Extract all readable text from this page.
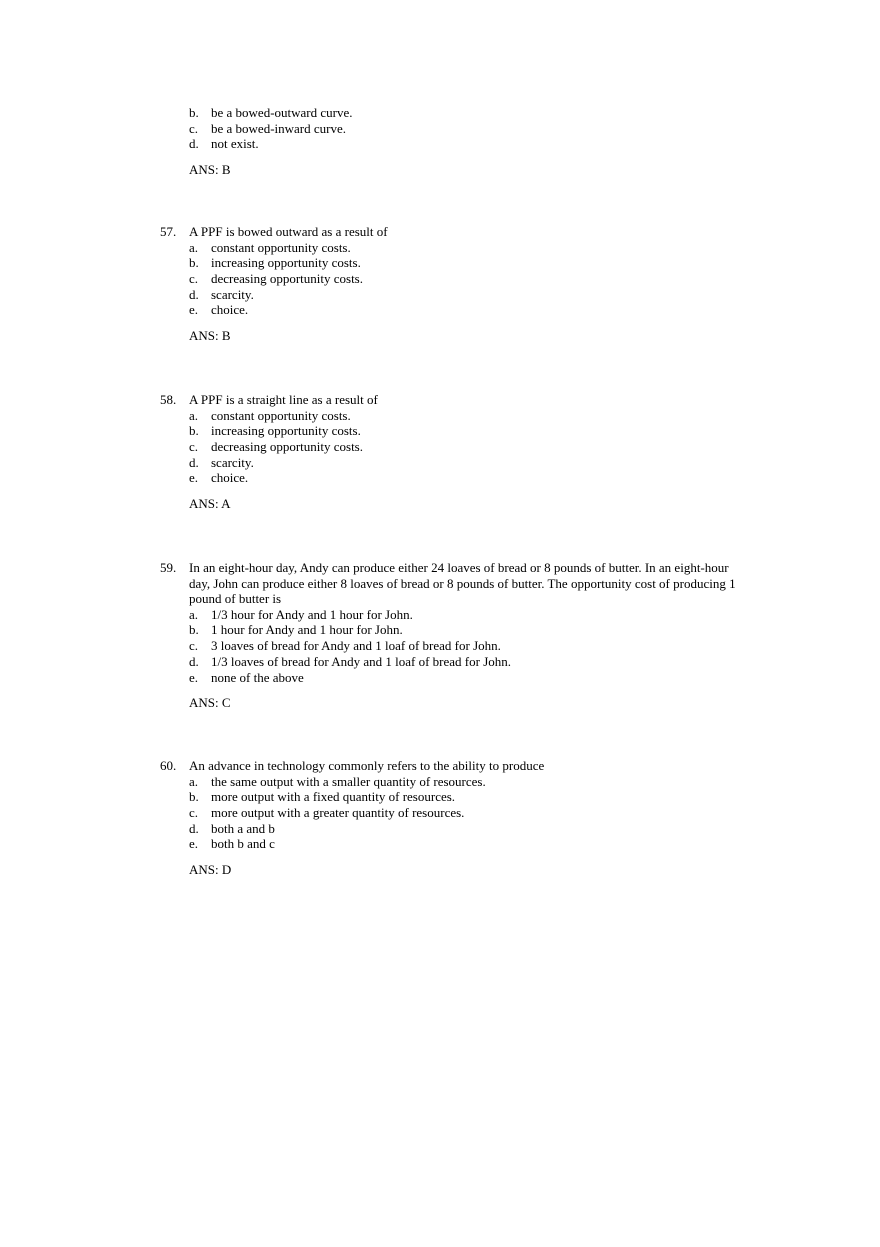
b. be a bowed-outward curve.
c. be a bowed-inward curve.
d. not exist.
ANS: B
57. A PPF is bowed outward as a result of
a. constant opportunity costs.
b. increasing opportunity costs.
c. decreasing opportunity costs.
d. scarcity.
e. choice.
ANS: B
58. A PPF is a straight line as a result of
a. constant opportunity costs.
b. increasing opportunity costs.
c. decreasing opportunity costs.
d. scarcity.
e. choice.
ANS: A
59. In an eight-hour day, Andy can produce either 24 loaves of bread or 8 pounds of butter. In an eight-hour day, John can produce either 8 loaves of bread or 8 pounds of butter. The opportunity cost of producing 1 pound of butter is
a. 1/3 hour for Andy and 1 hour for John.
b. 1 hour for Andy and 1 hour for John.
c. 3 loaves of bread for Andy and 1 loaf of bread for John.
d. 1/3 loaves of bread for Andy and 1 loaf of bread for John.
e. none of the above
ANS: C
60. An advance in technology commonly refers to the ability to produce
a. the same output with a smaller quantity of resources.
b. more output with a fixed quantity of resources.
c. more output with a greater quantity of resources.
d. both a and b
e. both b and c
ANS: D
